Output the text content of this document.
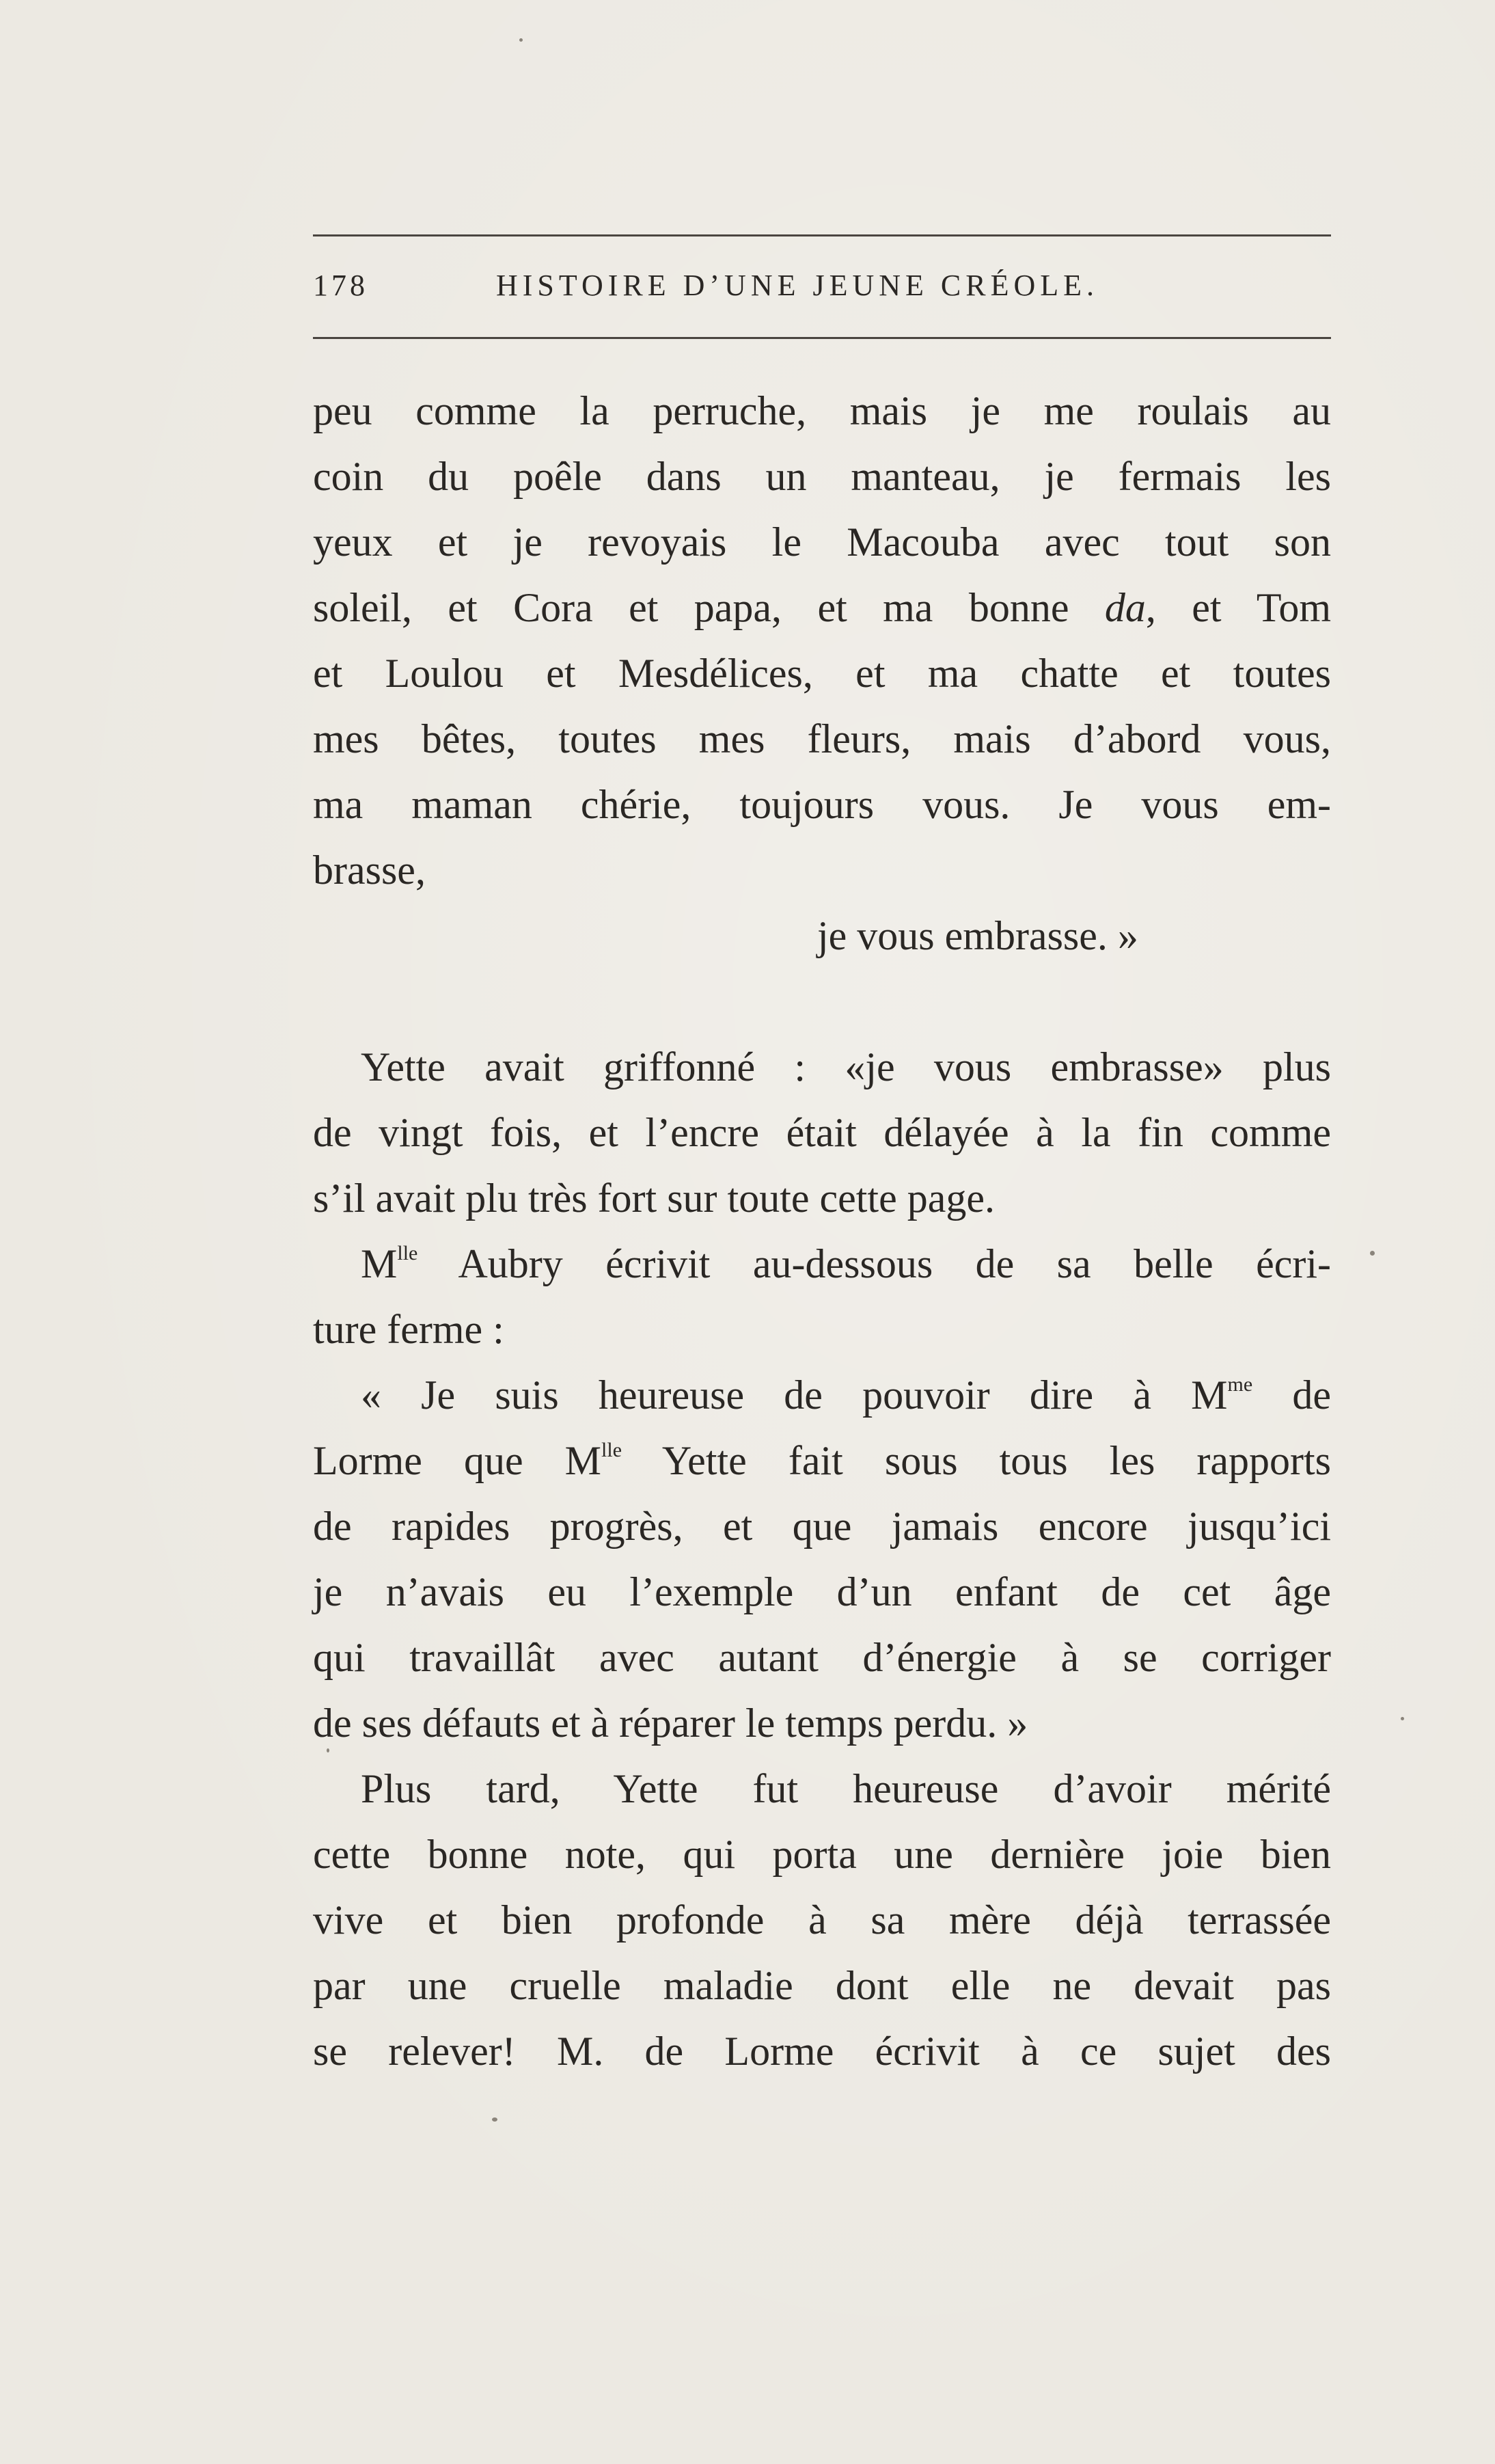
178	HISTOIRE D’UNE JEUNE CRÉOLE.
peu comme la perruche, mais je me roulais au
coin du poêle dans un manteau, je fermais les
yeux et je revoyais le Macouba avec tout son
soleil, et Cora et papa, et ma bonne da, et Tom
et Loulou et Mesdélices, et ma chatte et toutes
mes bêtes, toutes mes fleurs, mais d’abord vous,
ma maman chérie, toujours vous. Je vous em-
brasse,
je vous embrasse. »
Yette avait griffonné : «je vous embrasse» plus
de vingt fois, et l’encre était délayée à la fin comme
s’il avait plu très fort sur toute cette page.
$M^{lle}$ Aubry écrivit au-dessous de sa belle écri-
ture ferme :
« Je suis heureuse de pouvoir dire à $M^{me}$ de
Lorme que $M^{lle}$ Yette fait sous tous les rapports
de rapides progrès, et que jamais encore jusqu’ici
je n’avais eu l’exemple d’un enfant de cet âge
qui travaillât avec autant d’énergie à se corriger
de ses défauts et à réparer le temps perdu. »
Plus tard, Yette fut heureuse d’avoir mérité
cette bonne note, qui porta une dernière joie bien
vive et bien profonde à sa mère déjà terrassée
par une cruelle maladie dont elle ne devait pas
se relever! M. de Lorme écrivit à ce sujet des
